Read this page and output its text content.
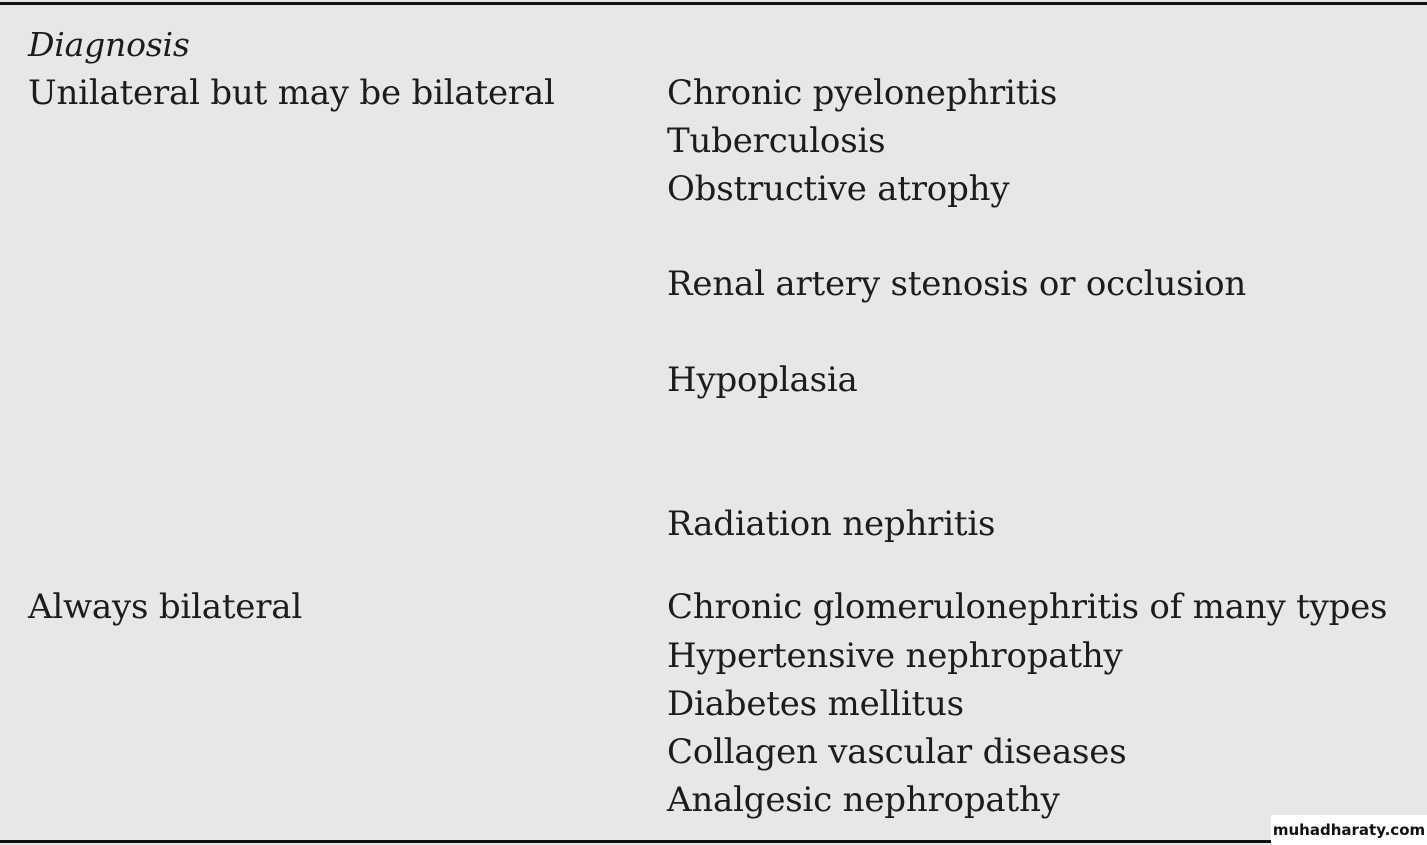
Diagnosis

Unilateral but may be bilateral	Chronic pyelonephritis

Tuberculosis

Obstructive atrophy

Renal artery stenosis or occlusion

Hypoplasia

Radiation nephritis

Always bilateral	Chronic glomerulonephritis of many types

Hypertensive nephropathy

Diabetes mellitus

Collagen vascular diseases

Analgesic nephropathy

muhadharaty.com
